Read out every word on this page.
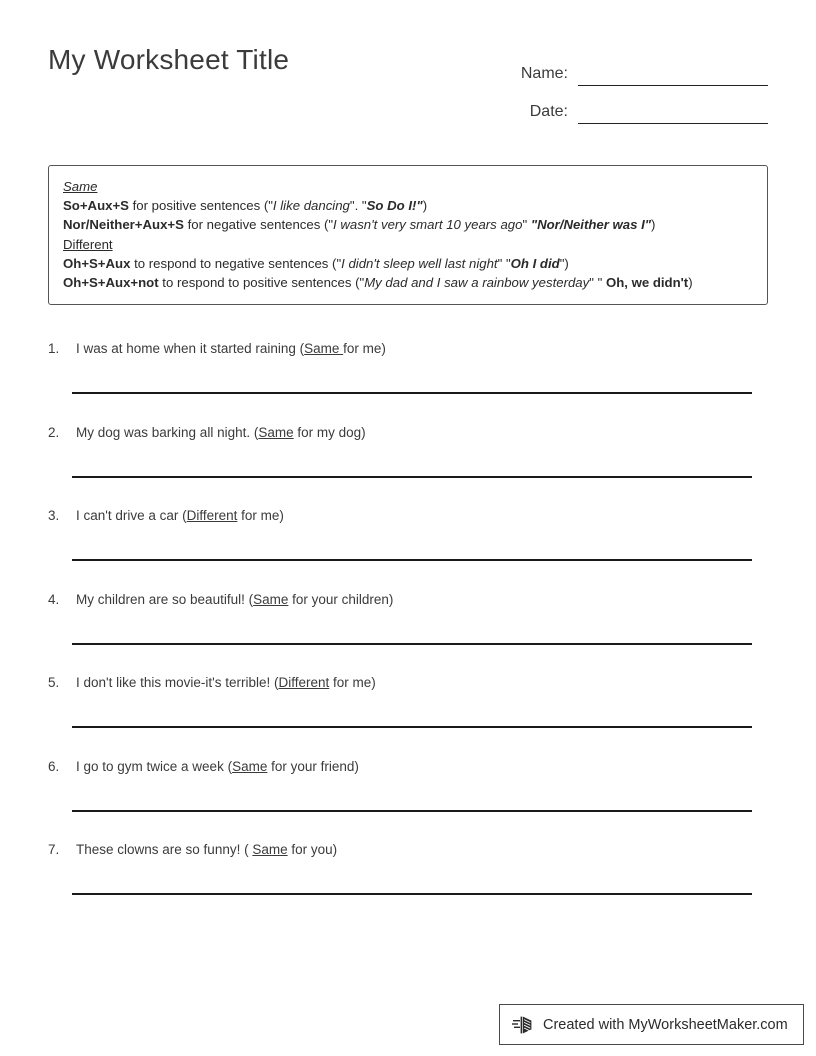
My Worksheet Title	Name:
Date:
Same
So+Aux+S for positive sentences ("I like dancing". "So Do I!")
Nor/Neither+Aux+S for negative sentences ("I wasn't very smart 10 years ago" "Nor/Neither was I")
Different
Oh+S+Aux to respond to negative sentences ("I didn't sleep well last night" "Oh I did")
Oh+S+Aux+not to respond to positive sentences ("My dad and I saw a rainbow yesterday" " Oh, we didn't)
1.	I was at home when it started raining (Same for me)
2.	My dog was barking all night. (Same for my dog)
3.	I can't drive a car (Different for me)
4.	My children are so beautiful! (Same for your children)
5.	I don't like this movie-it's terrible! (Different for me)
6.	I go to gym twice a week (Same for your friend)
7.	These clowns are so funny! ( Same for you)
Created with MyWorksheetMaker.com
